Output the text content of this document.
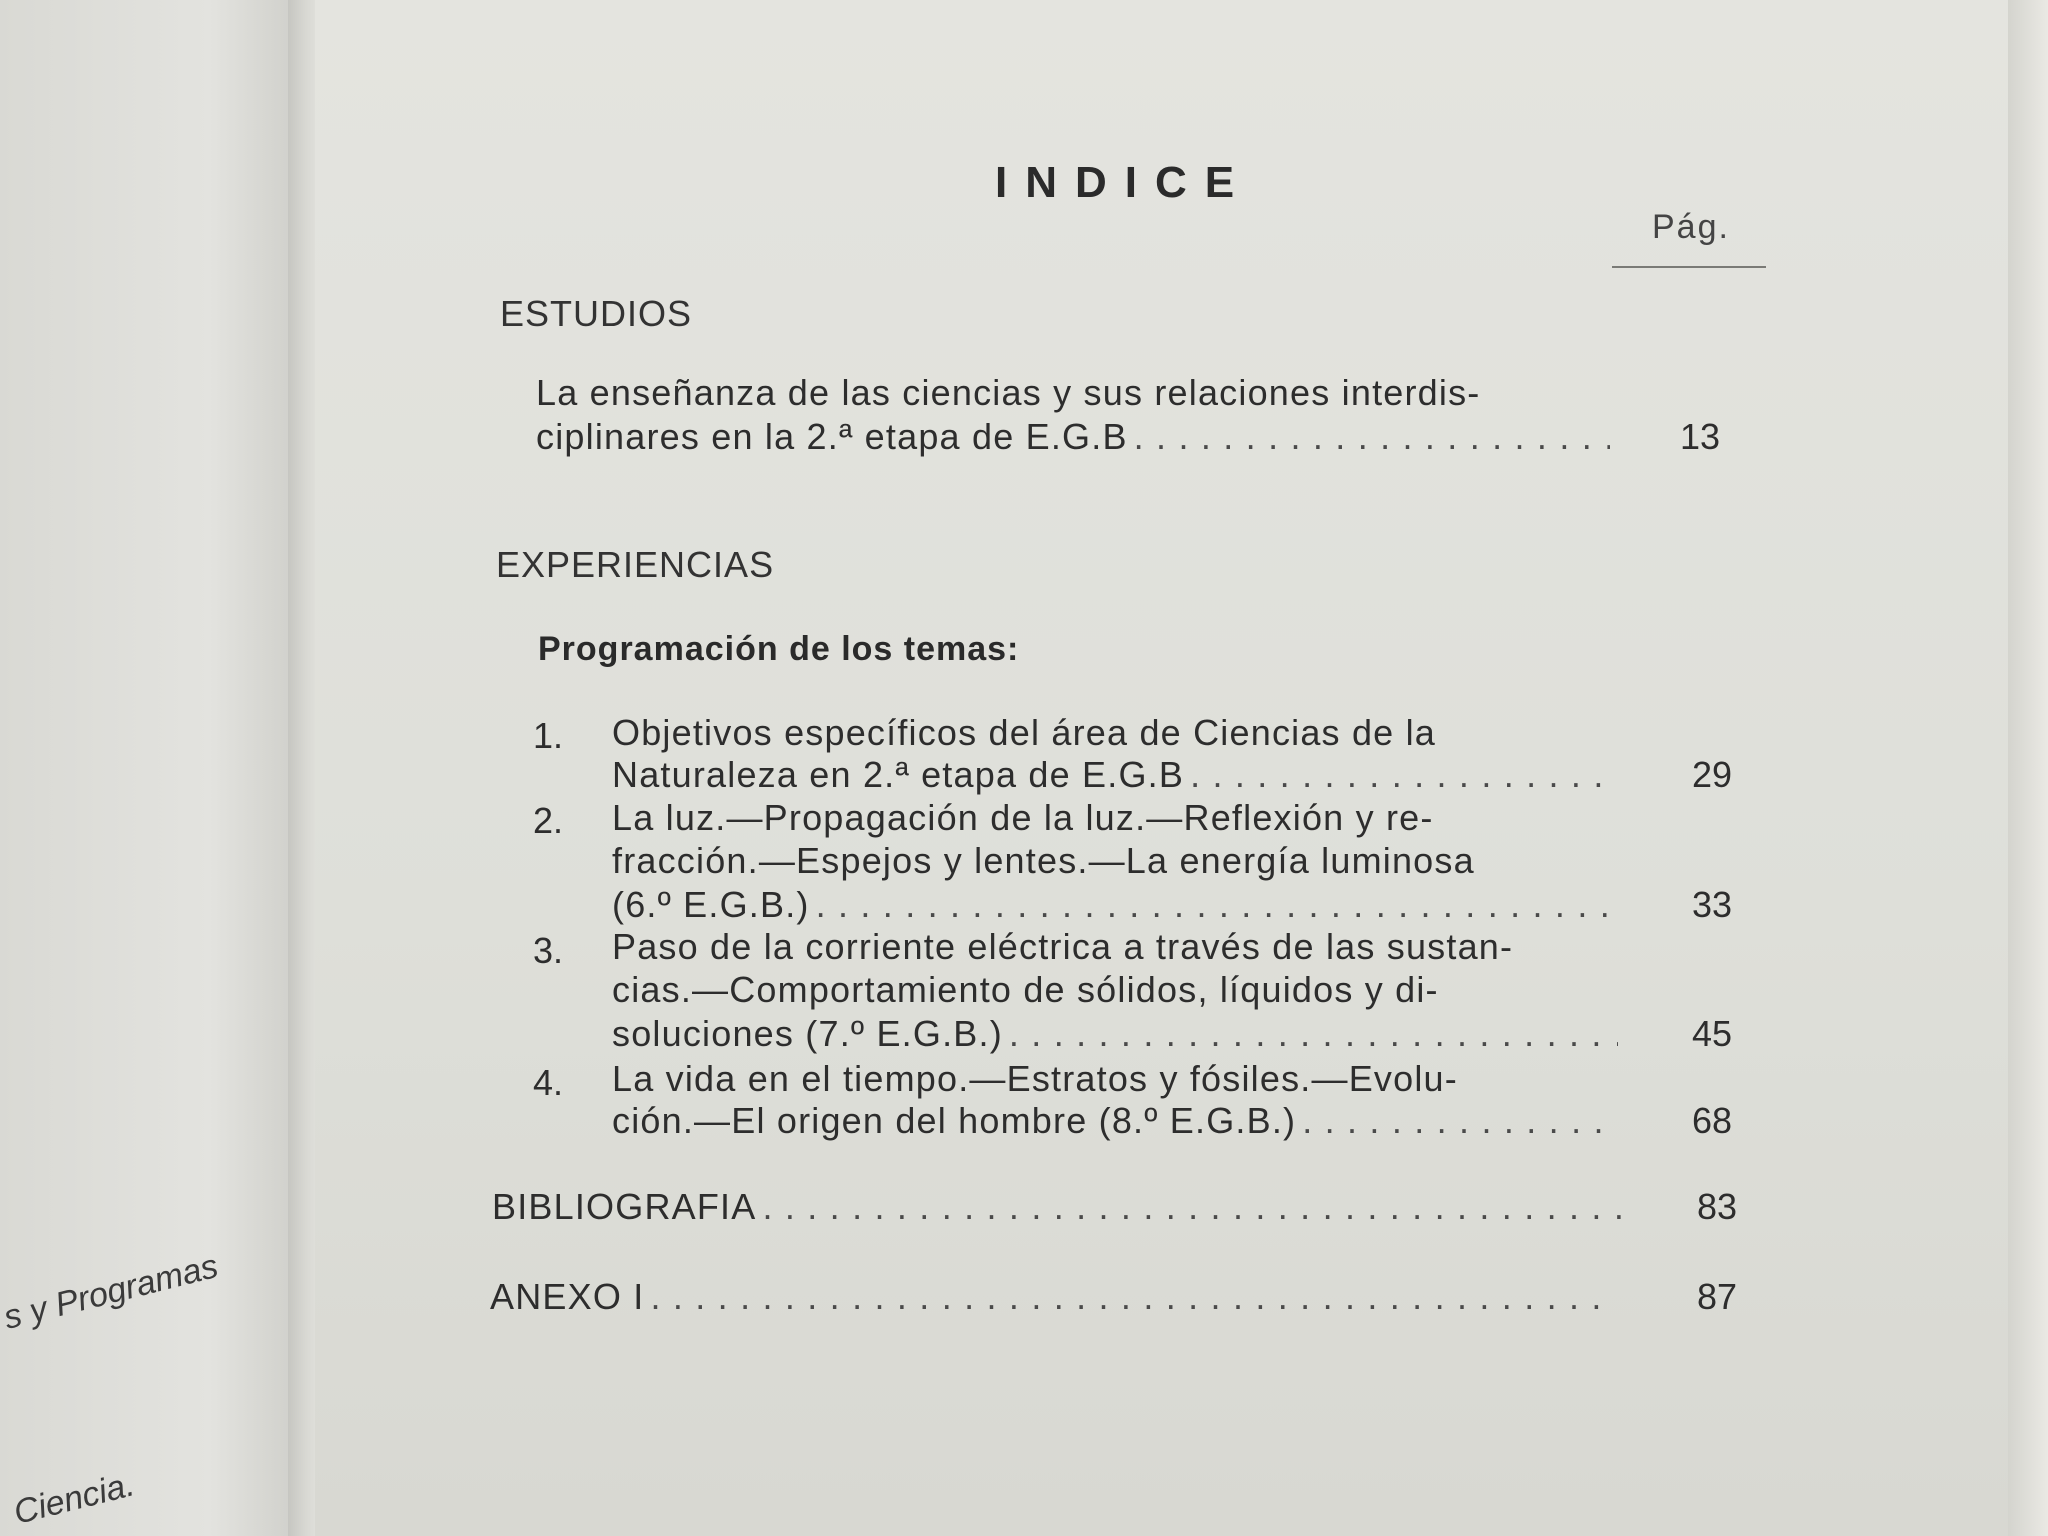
s y Programas
Ciencia.
INDICE
Pág.
ESTUDIOS
La enseñanza de las ciencias y sus relaciones interdis-
ciplinares en la 2.ª etapa de E.G.B . . .	13
EXPERIENCIAS
Programación de los temas:
1. Objetivos específicos del área de Ciencias de la
Naturaleza en 2.ª etapa de E.G.B . . .	29
2. La luz.—Propagación de la luz.—Reflexión y re-
fracción.—Espejos y lentes.—La energía luminosa
(6.º E.G.B.) . . .	33
3. Paso de la corriente eléctrica a través de las sustan-
cias.—Comportamiento de sólidos, líquidos y di-
soluciones (7.º E.G.B.) . . .	45
4. La vida en el tiempo.—Estratos y fósiles.—Evolu-
ción.—El origen del hombre (8.º E.G.B.) . . .	68
BIBLIOGRAFIA . . .	83
ANEXO I . . .	87
